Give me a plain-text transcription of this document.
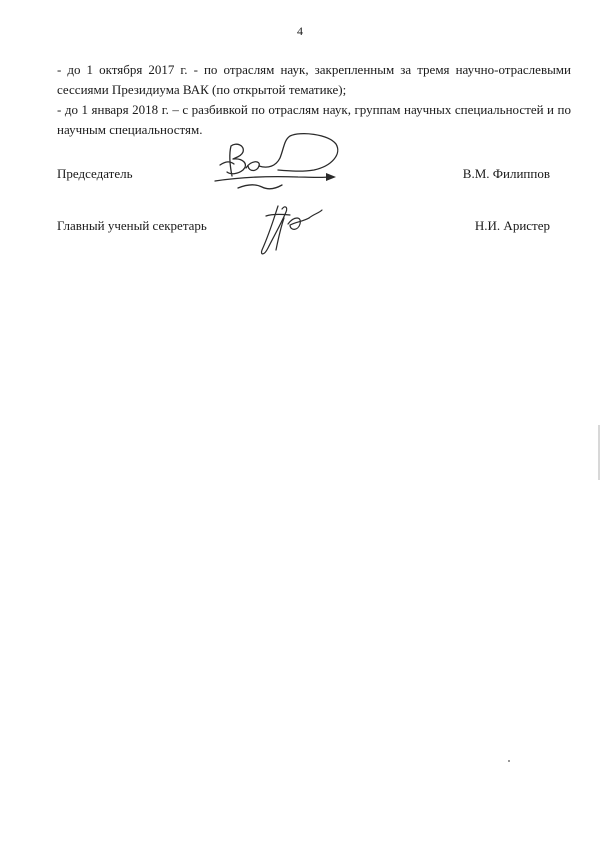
4

- до 1 октября 2017 г. - по отраслям наук, закрепленным за тремя научно-отраслевыми сессиями Президиума ВАК (по открытой тематике);

- до 1 января 2018 г. – с разбивкой по отраслям наук, группам научных специальностей и по научным специальностям.

Председатель	В.М. Филиппов
Главный ученый секретарь	Н.И. Аристер
